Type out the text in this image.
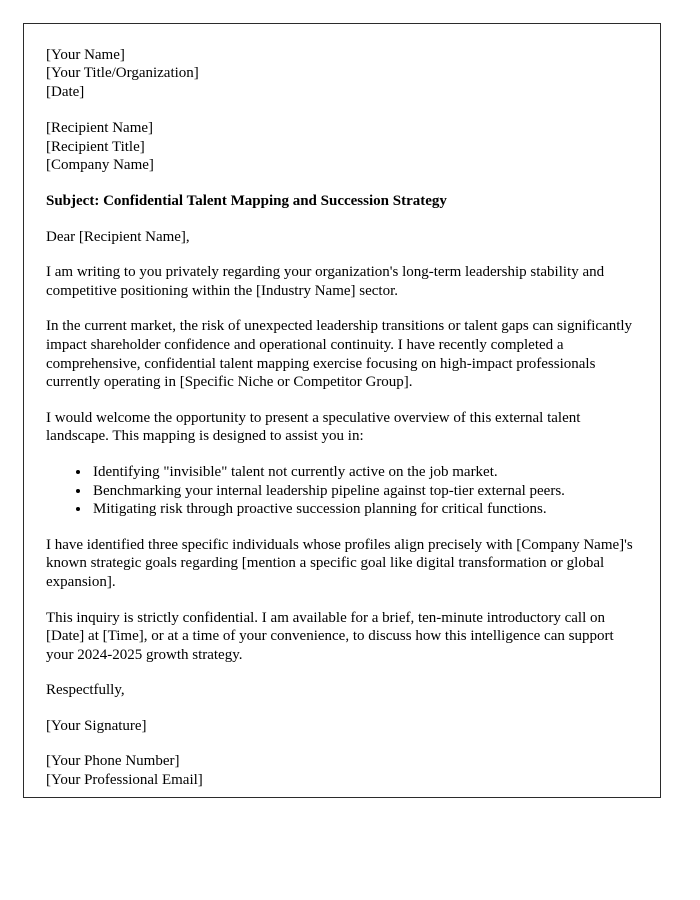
[Your Name]
[Your Title/Organization]
[Date]
[Recipient Name]
[Recipient Title]
[Company Name]
Subject: Confidential Talent Mapping and Succession Strategy
Dear [Recipient Name],

I am writing to you privately regarding your organization's long-term leadership stability and competitive positioning within the [Industry Name] sector.

In the current market, the risk of unexpected leadership transitions or talent gaps can significantly impact shareholder confidence and operational continuity. I have recently completed a comprehensive, confidential talent mapping exercise focusing on high-impact professionals currently operating in [Specific Niche or Competitor Group].

I would welcome the opportunity to present a speculative overview of this external talent landscape. This mapping is designed to assist you in:

• Identifying "invisible" talent not currently active on the job market.
• Benchmarking your internal leadership pipeline against top-tier external peers.
• Mitigating risk through proactive succession planning for critical functions.

I have identified three specific individuals whose profiles align precisely with [Company Name]'s known strategic goals regarding [mention a specific goal like digital transformation or global expansion].

This inquiry is strictly confidential. I am available for a brief, ten-minute introductory call on [Date] at [Time], or at a time of your convenience, to discuss how this intelligence can support your 2024-2025 growth strategy.

Respectfully,
[Your Signature]
[Your Phone Number]
[Your Professional Email]
